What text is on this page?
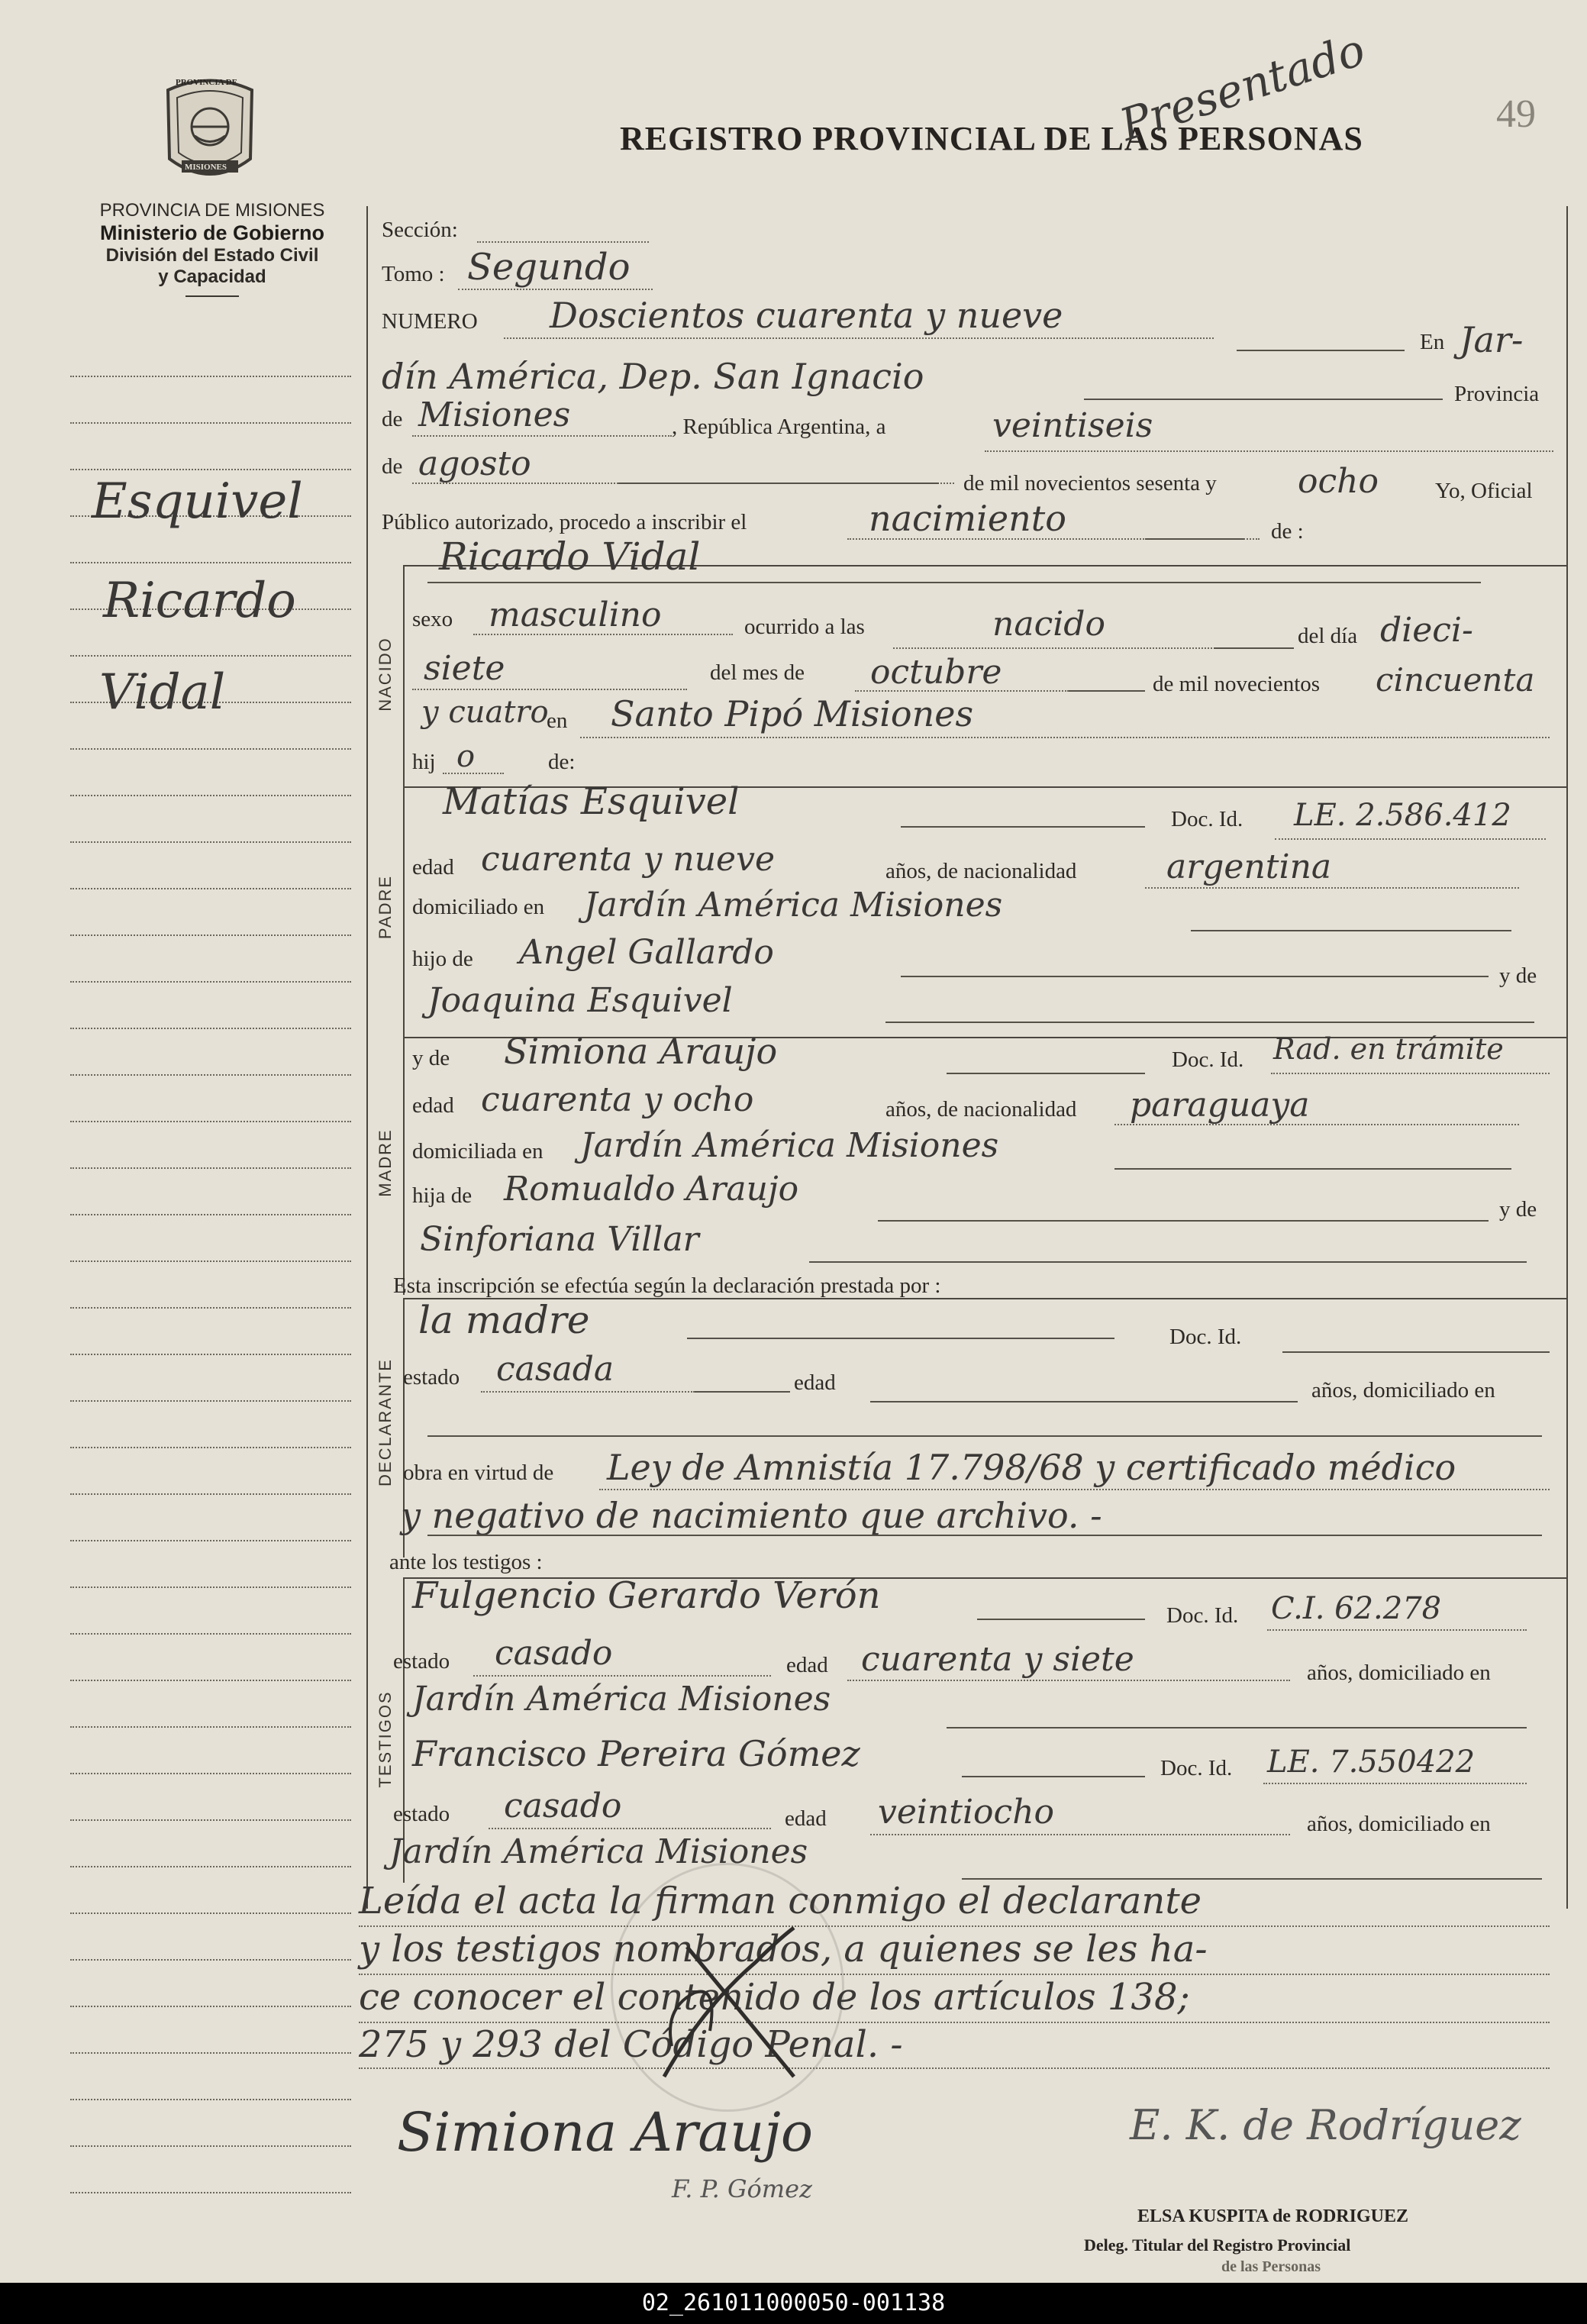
PROVINCIA DE
MISIONES
REGISTRO PROVINCIAL DE LAS PERSONAS
Presentado	49
PROVINCIA DE MISIONES
Ministerio de Gobierno
División del Estado Civil
y Capacidad
Esquivel
Ricardo
Vidal
Sección:
Tomo : Segundo
NUMERO Doscientos cuarenta y nueve
En Jar-
dín América, Dep. San Ignacio	Provincia
de Misiones	, República Argentina, a	veintiseis
de agosto	de mil novecientos sesenta y ocho	Yo, Oficial
Público autorizado, procedo a inscribir el	nacimiento	de :
NACIDO
Ricardo Vidal
sexo masculino	ocurrido a las	nacido	del día dieci-
siete	del mes de octubre	de mil novecientos cincuenta
y cuatro
en Santo Pipó Misiones
hij o	de:
PADRE
Matías Esquivel	Doc. Id. LE. 2.586.412
edad cuarenta y nueve	años, de nacionalidad	argentina
domiciliado en Jardín América Misiones
hijo de Angel Gallardo
y de
Joaquina Esquivel
MADRE
y de Simiona Araujo	Doc. Id. Rad. en trámite
edad cuarenta y ocho	años, de nacionalidad paraguaya
domiciliada en Jardín América Misiones
hija de Romualdo Araujo
y de
Sinforiana Villar
Esta inscripción se efectúa según la declaración prestada por :
DECLARANTE
la madre	Doc. Id.
estado casada	edad	años, domiciliado en
obra en virtud de Ley de Amnistía 17.798/68 y certificado médico
y negativo de nacimiento que archivo. -
ante los testigos :
TESTIGOS
Fulgencio Gerardo Verón	Doc. Id. C.I. 62.278
estado casado	edad cuarenta y siete	años, domiciliado en
Jardín América Misiones
Francisco Pereira Gómez	Doc. Id. LE. 7.550422
estado casado	edad veintiocho	años, domiciliado en
Jardín América Misiones
Leída el acta la firman conmigo el declarante
y los testigos nombrados, a quienes se les ha-
ce conocer el contenido de los artículos 138;
275 y 293 del Código Penal. -
Simiona Araujo
F. P. Gómez
E. K. de Rodríguez
ELSA KUSPITA de RODRIGUEZ
Deleg. Titular del Registro Provincial
de las Personas
02_261011000050-001138
